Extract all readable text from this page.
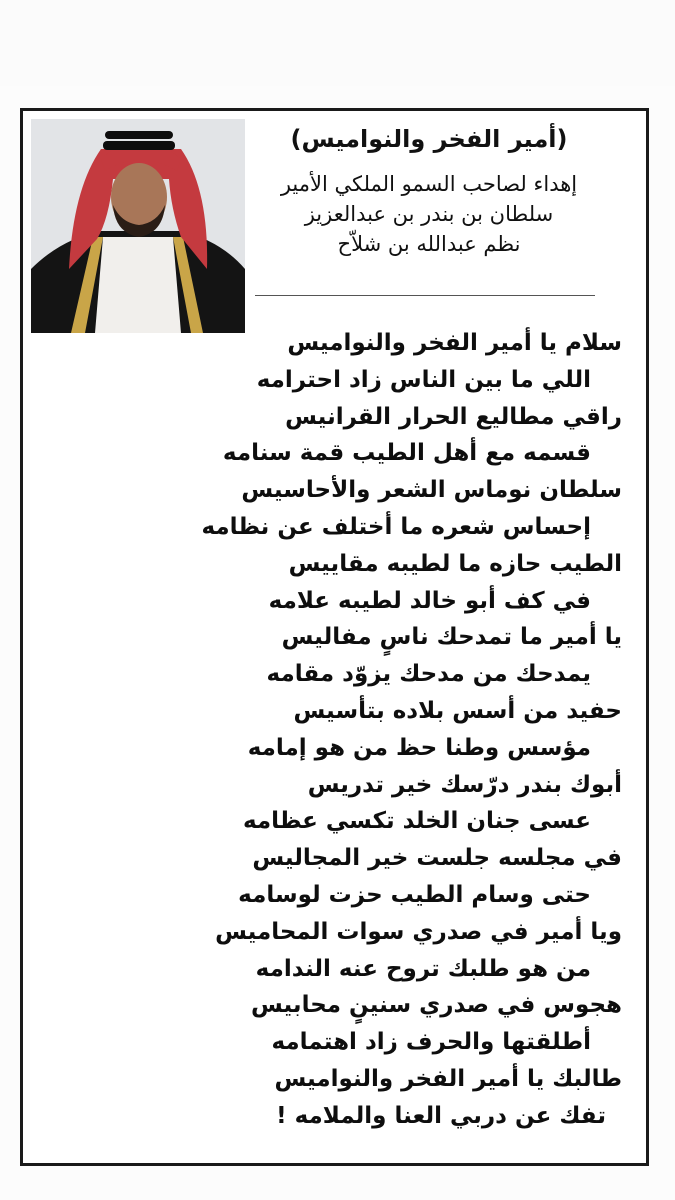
(أمير الفخر والنواميس)
إهداء لصاحب السمو الملكي الأمير
سلطان بن بندر بن عبدالعزيز
نظم عبدالله بن شلاّح
سلام يا أمير الفخر والنواميس
اللي ما بين الناس زاد احترامه
راقي مطاليع الحرار القرانيس
قسمه مع أهل الطيب قمة سنامه
سلطان نوماس الشعر والأحاسيس
إحساس شعره ما أختلف عن نظامه
الطيب حازه ما لطيبه مقاييس
في كف أبو خالد لطيبه علامه
يا أمير ما تمدحك ناسٍ مفاليس
يمدحك من مدحك يزوّد مقامه
حفيد من أسس بلاده بتأسيس
مؤسس وطنا حظ من هو إمامه
أبوك بندر درّسك خير تدريس
عسى جنان الخلد تكسي عظامه
في مجلسه جلست خير المجاليس
حتى وسام الطيب حزت لوسامه
ويا أمير في صدري سوات المحاميس
من هو طلبك تروح عنه الندامه
هجوس في صدري سنينٍ محابيس
أطلقتها والحرف زاد اهتمامه
طالبك يا أمير الفخر والنواميس
تفك عن دربي العنا والملامه !
